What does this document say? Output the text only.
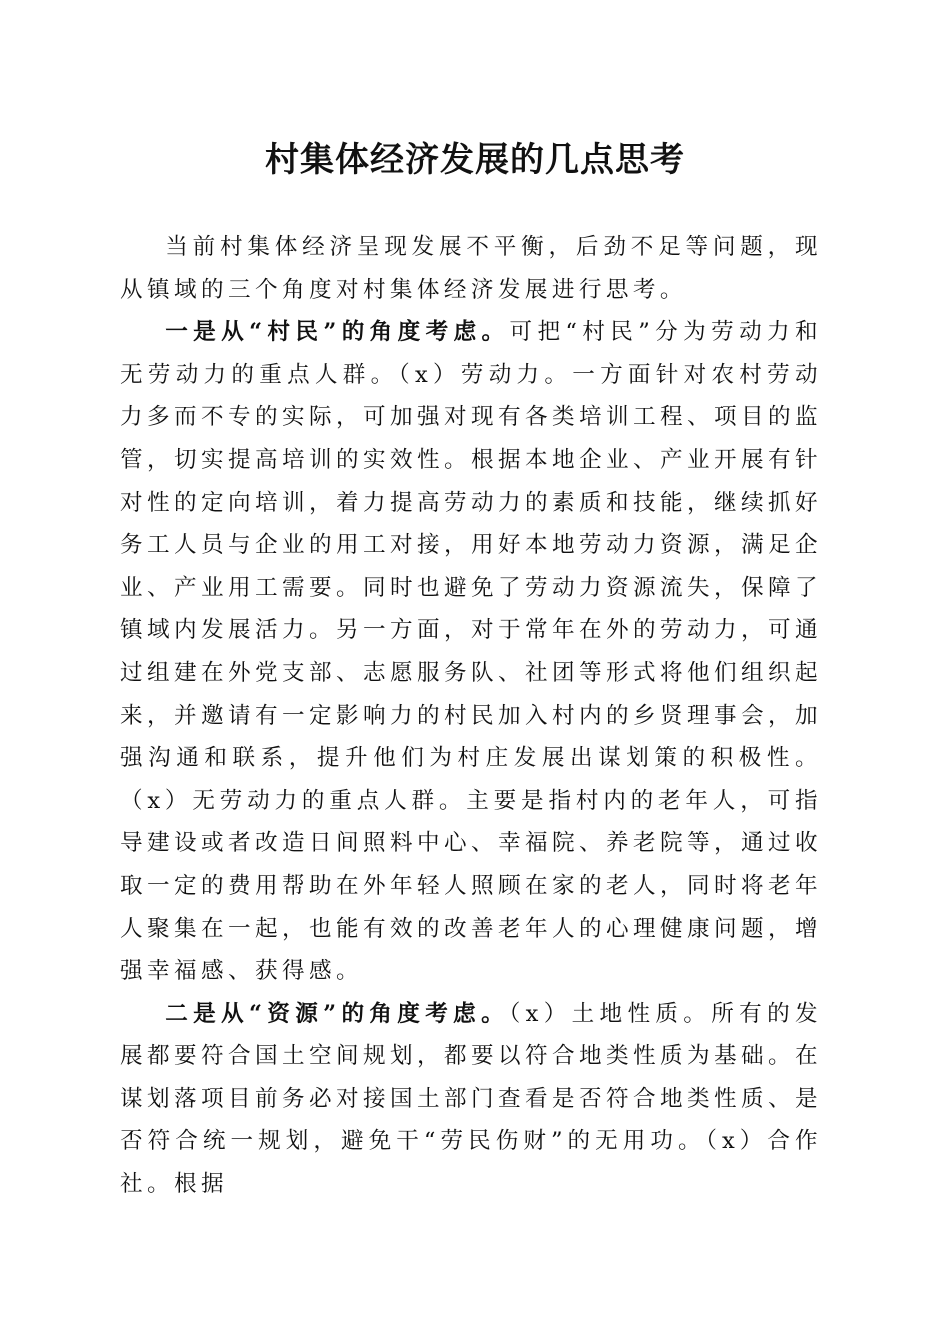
村集体经济发展的几点思考

当前村集体经济呈现发展不平衡，后劲不足等问题，现从镇域的三个角度对村集体经济发展进行思考。

一是从“村民”的角度考虑。可把“村民”分为劳动力和无劳动力的重点人群。（x）劳动力。一方面针对农村劳动力多而不专的实际，可加强对现有各类培训工程、项目的监管，切实提高培训的实效性。根据本地企业、产业开展有针对性的定向培训，着力提高劳动力的素质和技能，继续抓好务工人员与企业的用工对接，用好本地劳动力资源，满足企业、产业用工需要。同时也避免了劳动力资源流失，保障了镇域内发展活力。另一方面，对于常年在外的劳动力，可通过组建在外党支部、志愿服务队、社团等形式将他们组织起来，并邀请有一定影响力的村民加入村内的乡贤理事会，加强沟通和联系，提升他们为村庄发展出谋划策的积极性。（x）无劳动力的重点人群。主要是指村内的老年人，可指导建设或者改造日间照料中心、幸福院、养老院等，通过收取一定的费用帮助在外年轻人照顾在家的老人，同时将老年人聚集在一起，也能有效的改善老年人的心理健康问题，增强幸福感、获得感。

二是从“资源”的角度考虑。（x）土地性质。所有的发展都要符合国土空间规划，都要以符合地类性质为基础。在谋划落项目前务必对接国土部门查看是否符合地类性质、是否符合统一规划，避免干“劳民伤财”的无用功。（x）合作社。根据
